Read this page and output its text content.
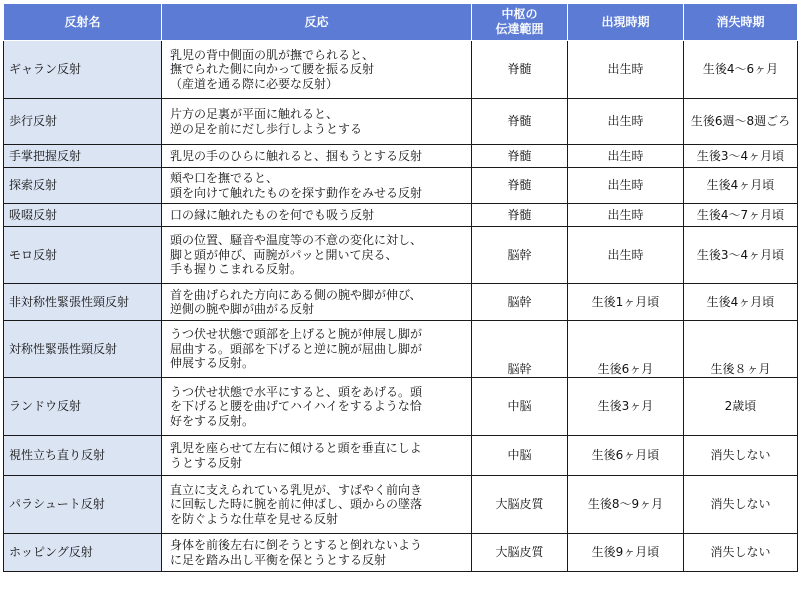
反射名	反応	中枢の
伝達範囲	出現時期	消失時期
ギャラン反射	乳児の背中側面の肌が撫でられると、
撫でられた側に向かって腰を振る反射
（産道を通る際に必要な反射）	脊髄	出生時	生後4〜6ヶ月
歩行反射	片方の足裏が平面に触れると、
逆の足を前にだし歩行しようとする	脊髄	出生時	生後6週〜8週ごろ
手掌把握反射	乳児の手のひらに触れると、掴もうとする反射	脊髄	出生時	生後3〜4ヶ月頃
探索反射	頬や口を撫でると、
頭を向けて触れたものを探す動作をみせる反射	脊髄	出生時	生後4ヶ月頃
吸啜反射	口の縁に触れたものを何でも吸う反射	脊髄	出生時	生後4〜7ヶ月頃
モロ反射	頭の位置、騒音や温度等の不意の変化に対し、
脚と頭が伸び、両腕がパッと開いて戻る、
手も握りこまれる反射。	脳幹	出生時	生後3〜4ヶ月頃
非対称性緊張性頸反射	首を曲げられた方向にある側の腕や脚が伸び、
逆側の腕や脚が曲がる反射	脳幹	生後1ヶ月頃	生後4ヶ月頃
対称性緊張性頸反射	うつ伏せ状態で頭部を上げると腕が伸展し脚が
屈曲する。頭部を下げると逆に腕が屈曲し脚が
伸展する反射。	脳幹	生後6ヶ月	生後８ヶ月
ランドウ反射	うつ伏せ状態で水平にすると、頭をあげる。頭
を下げると腰を曲げてハイハイをするような恰
好をする反射。	中脳	生後3ヶ月	2歳頃
視性立ち直り反射	乳児を座らせて左右に傾けると頭を垂直にしよ
うとする反射	中脳	生後6ヶ月頃	消失しない
パラシュート反射	直立に支えられている乳児が、すばやく前向き
に回転した時に腕を前に伸ばし、頭からの墜落
を防ぐような仕草を見せる反射	大脳皮質	生後8〜9ヶ月	消失しない
ホッピング反射	身体を前後左右に倒そうとすると倒れないよう
に足を踏み出し平衡を保とうとする反射	大脳皮質	生後9ヶ月頃	消失しない
